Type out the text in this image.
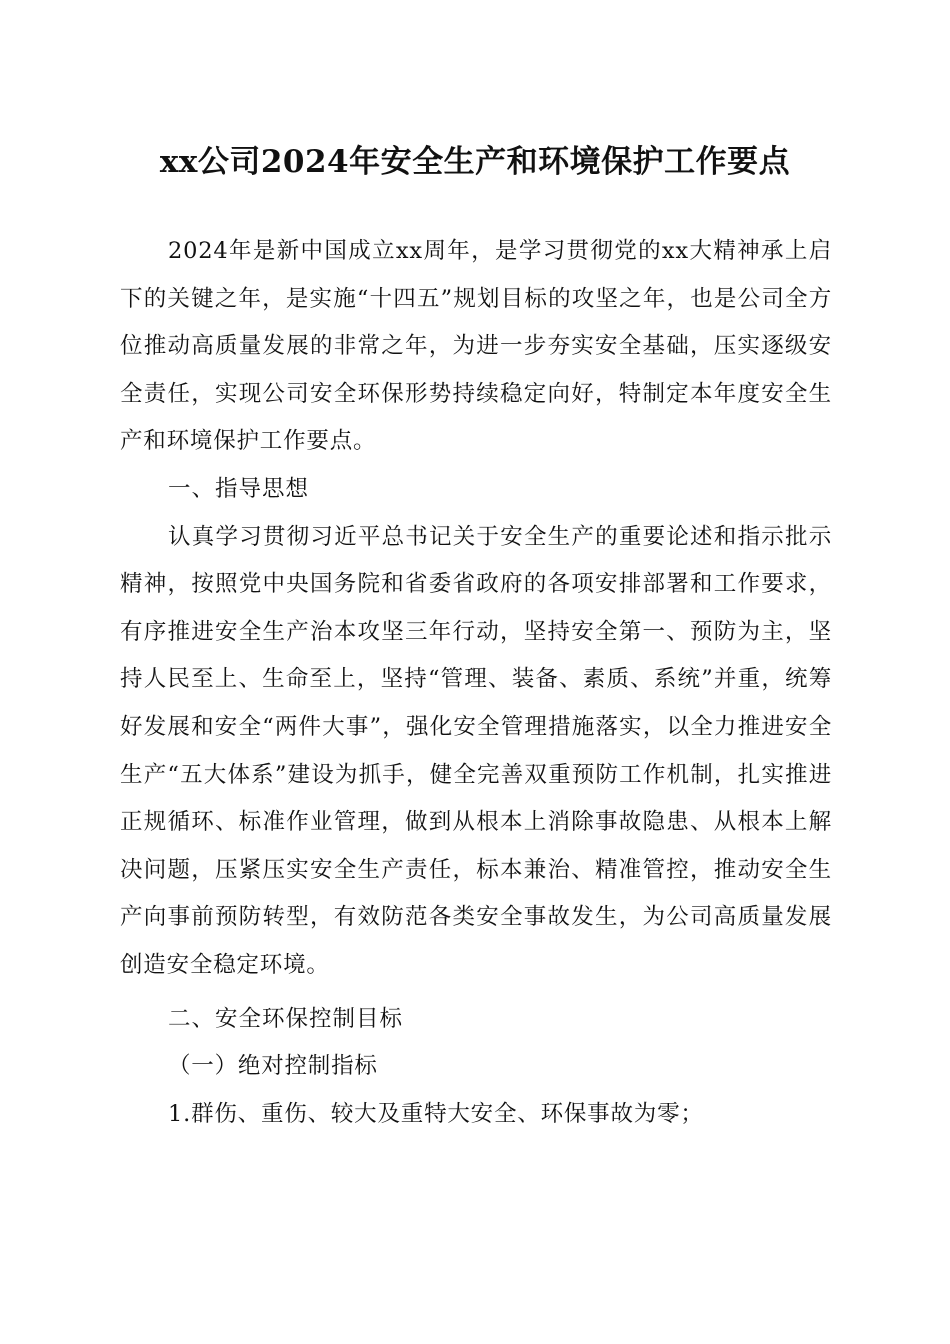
xx公司2024年安全生产和环境保护工作要点

2024年是新中国成立xx周年，是学习贯彻党的xx大精神承上启下的关键之年，是实施“十四五”规划目标的攻坚之年，也是公司全方位推动高质量发展的非常之年，为进一步夯实安全基础，压实逐级安全责任，实现公司安全环保形势持续稳定向好，特制定本年度安全生产和环境保护工作要点。

一、指导思想

认真学习贯彻习近平总书记关于安全生产的重要论述和指示批示精神，按照党中央国务院和省委省政府的各项安排部署和工作要求，有序推进安全生产治本攻坚三年行动，坚持安全第一、预防为主，坚持人民至上、生命至上，坚持“管理、装备、素质、系统”并重，统筹好发展和安全“两件大事”，强化安全管理措施落实，以全力推进安全生产“五大体系”建设为抓手，健全完善双重预防工作机制，扎实推进正规循环、标准作业管理，做到从根本上消除事故隐患、从根本上解决问题，压紧压实安全生产责任，标本兼治、精准管控，推动安全生产向事前预防转型，有效防范各类安全事故发生，为公司高质量发展创造安全稳定环境。

二、安全环保控制目标

（一）绝对控制指标

1.群伤、重伤、较大及重特大安全、环保事故为零；
